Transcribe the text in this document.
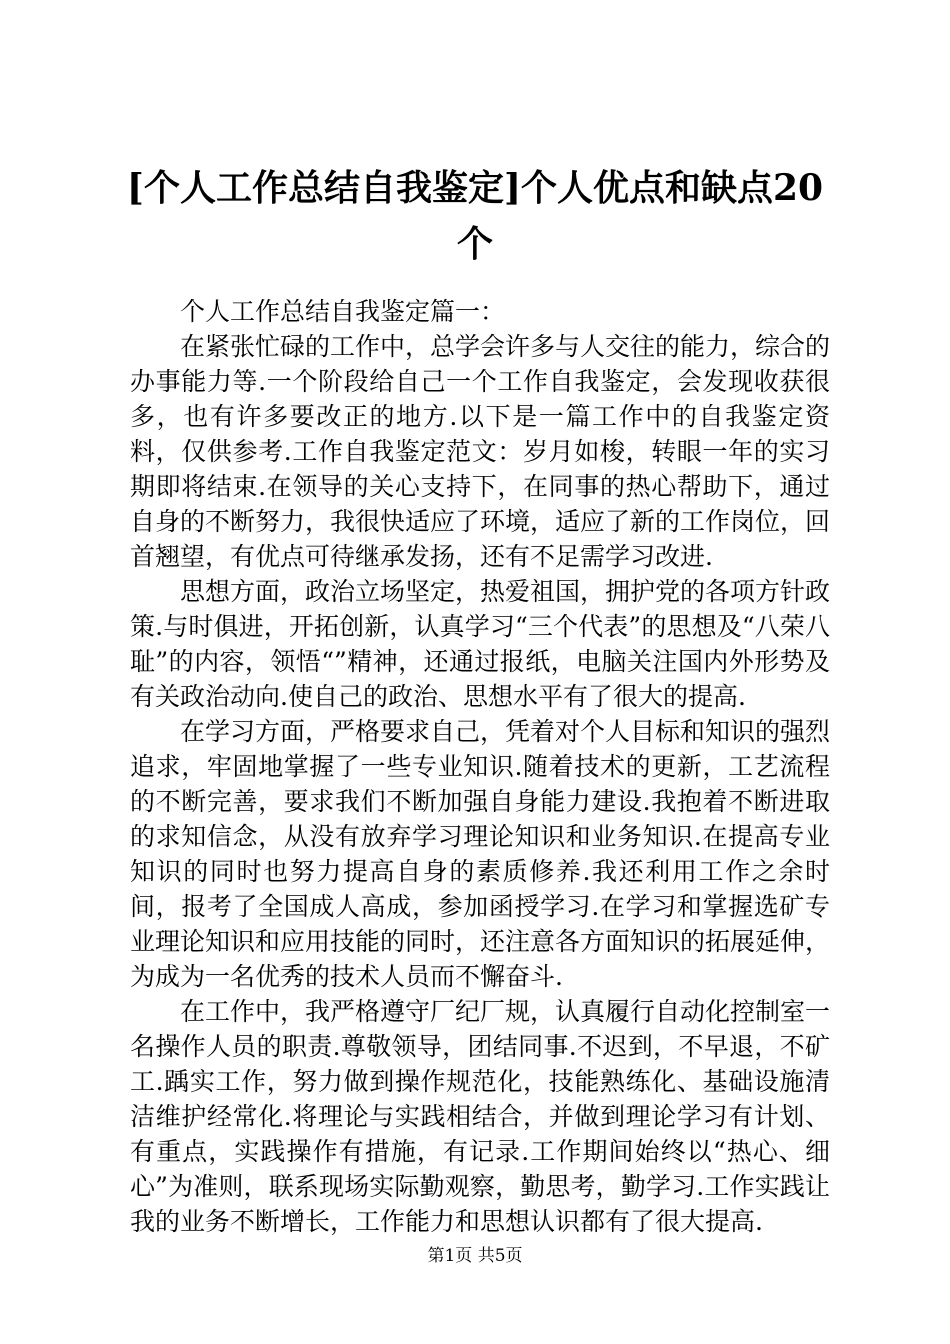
[个人工作总结自我鉴定]个人优点和缺点20个

个人工作总结自我鉴定篇一：

在紧张忙碌的工作中，总学会许多与人交往的能力，综合的办事能力等.一个阶段给自己一个工作自我鉴定，会发现收获很多，也有许多要改正的地方.以下是一篇工作中的自我鉴定资料，仅供参考.工作自我鉴定范文：岁月如梭，转眼一年的实习期即将结束.在领导的关心支持下，在同事的热心帮助下，通过自身的不断努力，我很快适应了环境，适应了新的工作岗位，回首翘望，有优点可待继承发扬，还有不足需学习改进.

思想方面，政治立场坚定，热爱祖国，拥护党的各项方针政策.与时俱进，开拓创新，认真学习“三个代表”的思想及“八荣八耻”的内容，领悟“”精神，还通过报纸，电脑关注国内外形势及有关政治动向.使自己的政治、思想水平有了很大的提高.

在学习方面，严格要求自己，凭着对个人目标和知识的强烈追求，牢固地掌握了一些专业知识.随着技术的更新，工艺流程的不断完善，要求我们不断加强自身能力建设.我抱着不断进取的求知信念，从没有放弃学习理论知识和业务知识.在提高专业知识的同时也努力提高自身的素质修养.我还利用工作之余时间，报考了全国成人高成，参加函授学习.在学习和掌握选矿专业理论知识和应用技能的同时，还注意各方面知识的拓展延伸，为成为一名优秀的技术人员而不懈奋斗.

在工作中，我严格遵守厂纪厂规，认真履行自动化控制室一名操作人员的职责.尊敬领导，团结同事.不迟到，不早退，不矿工.踽实工作，努力做到操作规范化，技能熟练化、基础设施清洁维护经常化.将理论与实践相结合，并做到理论学习有计划、有重点，实践操作有措施，有记录.工作期间始终以“热心、细心”为准则，联系现场实际勤观察，勤思考，勤学习.工作实践让我的业务不断增长，工作能力和思想认识都有了很大提高.

第1页 共5页
